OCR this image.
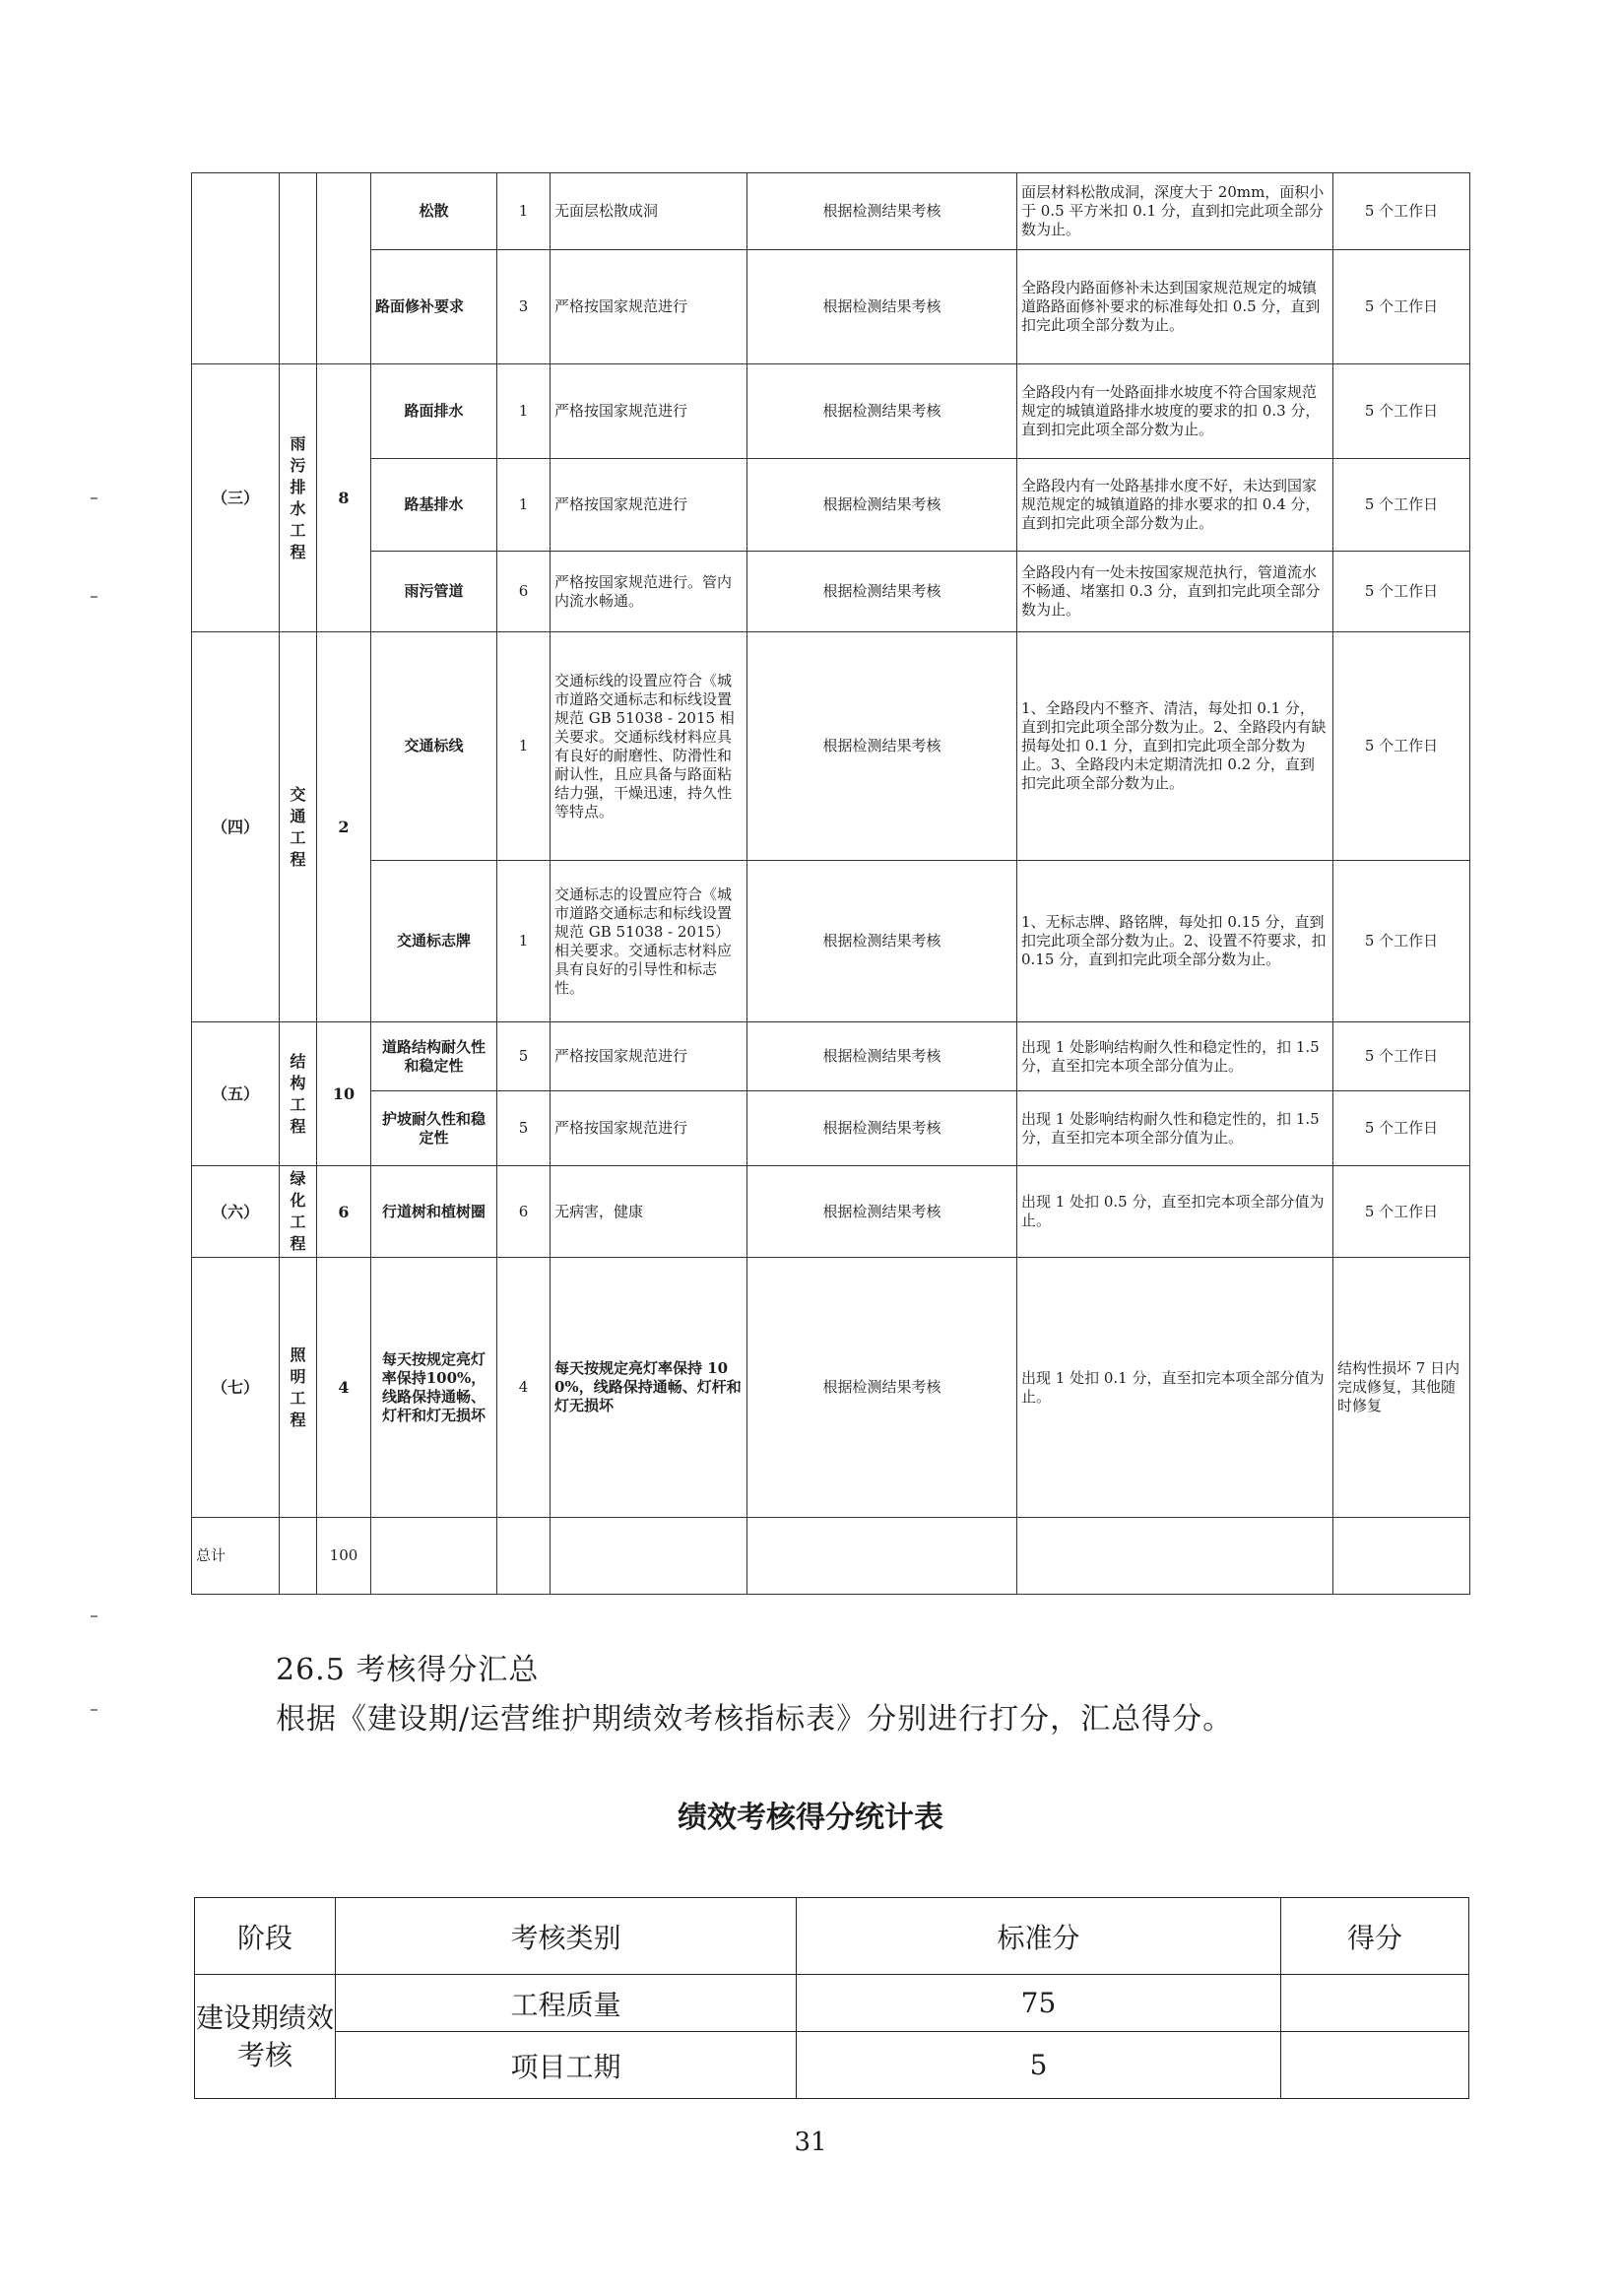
			松散	1	无面层松散成洞	根据检测结果考核	面层材料松散成洞，深度大于 20mm，面积小于 0.5 平方米扣 0.1 分，直到扣完此项全部分数为止。	5 个工作日
			路面修补要求	3	严格按国家规范进行	根据检测结果考核	全路段内路面修补未达到国家规范规定的城镇道路路面修补要求的标准每处扣 0.5 分，直到扣完此项全部分数为止。	5 个工作日
（三）	雨污排水工程	8	路面排水	1	严格按国家规范进行	根据检测结果考核	全路段内有一处路面排水坡度不符合国家规范规定的城镇道路排水坡度的要求的扣 0.3 分，直到扣完此项全部分数为止。	5 个工作日
			路基排水	1	严格按国家规范进行	根据检测结果考核	全路段内有一处路基排水度不好，未达到国家规范规定的城镇道路的排水要求的扣 0.4 分，直到扣完此项全部分数为止。	5 个工作日
			雨污管道	6	严格按国家规范进行。管内内流水畅通。	根据检测结果考核	全路段内有一处未按国家规范执行，管道流水不畅通、堵塞扣 0.3 分，直到扣完此项全部分数为止。	5 个工作日
（四）	交通工程	2	交通标线	1	交通标线的设置应符合《城市道路交通标志和标线设置规范 GB 51038 - 2015 相关要求。交通标线材料应具有良好的耐磨性、防滑性和耐认性，且应具备与路面粘结力强，干燥迅速，持久性等特点。	根据检测结果考核	1、全路段内不整齐、清洁，每处扣 0.1 分，直到扣完此项全部分数为止。2、全路段内有缺损每处扣 0.1 分，直到扣完此项全部分数为止。3、全路段内未定期清洗扣 0.2 分，直到扣完此项全部分数为止。	5 个工作日
			交通标志牌	1	交通标志的设置应符合《城市道路交通标志和标线设置规范 GB 51038 - 2015）相关要求。交通标志材料应具有良好的引导性和标志性。	根据检测结果考核	1、无标志牌、路铭牌，每处扣 0.15 分，直到扣完此项全部分数为止。2、设置不符要求，扣 0.15 分，直到扣完此项全部分数为止。	5 个工作日
（五）	结构工程	10	道路结构耐久性和稳定性	5	严格按国家规范进行	根据检测结果考核	出现 1 处影响结构耐久性和稳定性的，扣 1.5 分，直至扣完本项全部分值为止。	5 个工作日
			护坡耐久性和稳定性	5	严格按国家规范进行	根据检测结果考核	出现 1 处影响结构耐久性和稳定性的，扣 1.5 分，直至扣完本项全部分值为止。	5 个工作日
（六）	绿化工程	6	行道树和植树圈	6	无病害，健康	根据检测结果考核	出现 1 处扣 0.5 分，直至扣完本项全部分值为止。	5 个工作日
（七）	照明工程	4	每天按规定亮灯率保持100%，线路保持通畅、灯杆和灯无损坏	4	每天按规定亮灯率保持 100%，线路保持通畅、灯杆和灯无损坏	根据检测结果考核	出现 1 处扣 0.1 分，直至扣完本项全部分值为止。	结构性损坏 7 日内完成修复，其他随时修复
总计		100						
26.5 考核得分汇总
根据《建设期/运营维护期绩效考核指标表》分别进行打分，汇总得分。
绩效考核得分统计表
阶段	考核类别	标准分	得分
建设期绩效考核	工程质量	75	
	项目工期	5	
31
